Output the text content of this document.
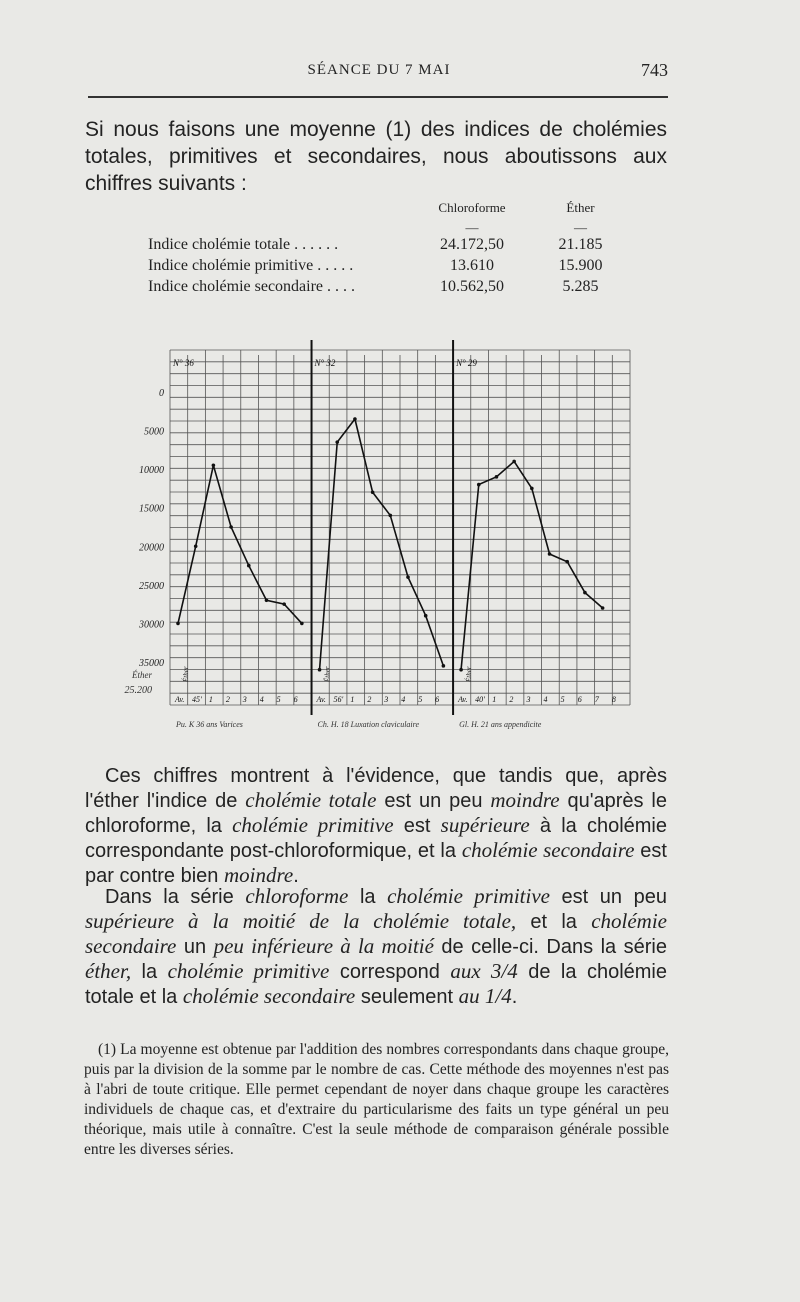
SÉANCE DU 7 MAI	743
Si nous faisons une moyenne (1) des indices de cholémies totales, primitives et secondaires, nous aboutissons aux chiffres suivants :
Chloroforme	Éther
—	—
Indice cholémie totale . . . . . .	24.172,50	21.185
Indice cholémie primitive . . . . .	13.610	15.900
Indice cholémie secondaire . . . .	10.562,50	5.285
0
5000
10000
15000
20000
25000
30000
35000
Éther
25.200
N° 36
Éther
Av. 45' 1 2 3 4 5 6
Pu. K 36 ans Varices
N° 32
Éther
Av. 56' 1 2 3 4 5 6
Ch. H. 18 Luxation claviculaire
N° 29
Éther
Av. 40' 1 2 3 4 5 6 7 8
Gl. H. 21 ans appendicite
Ces chiffres montrent à l'évidence, que tandis que, après l'éther l'indice de cholémie totale est un peu moindre qu'après le chloroforme, la cholémie primitive est supérieure à la cholémie correspondante post-chloroformique, et la cholémie secondaire est par contre bien moindre.
Dans la série chloroforme la cholémie primitive est un peu supérieure à la moitié de la cholémie totale, et la cholémie secondaire un peu inférieure à la moitié de celle-ci. Dans la série éther, la cholémie primitive correspond aux 3/4 de la cholémie totale et la cholémie secondaire seulement au 1/4.
(1) La moyenne est obtenue par l'addition des nombres correspondants dans chaque groupe, puis par la division de la somme par le nombre de cas. Cette méthode des moyennes n'est pas à l'abri de toute critique. Elle permet cependant de noyer dans chaque groupe les caractères individuels de chaque cas, et d'extraire du particularisme des faits un type général un peu théorique, mais utile à connaître. C'est la seule méthode de comparaison générale possible entre les diverses séries.
